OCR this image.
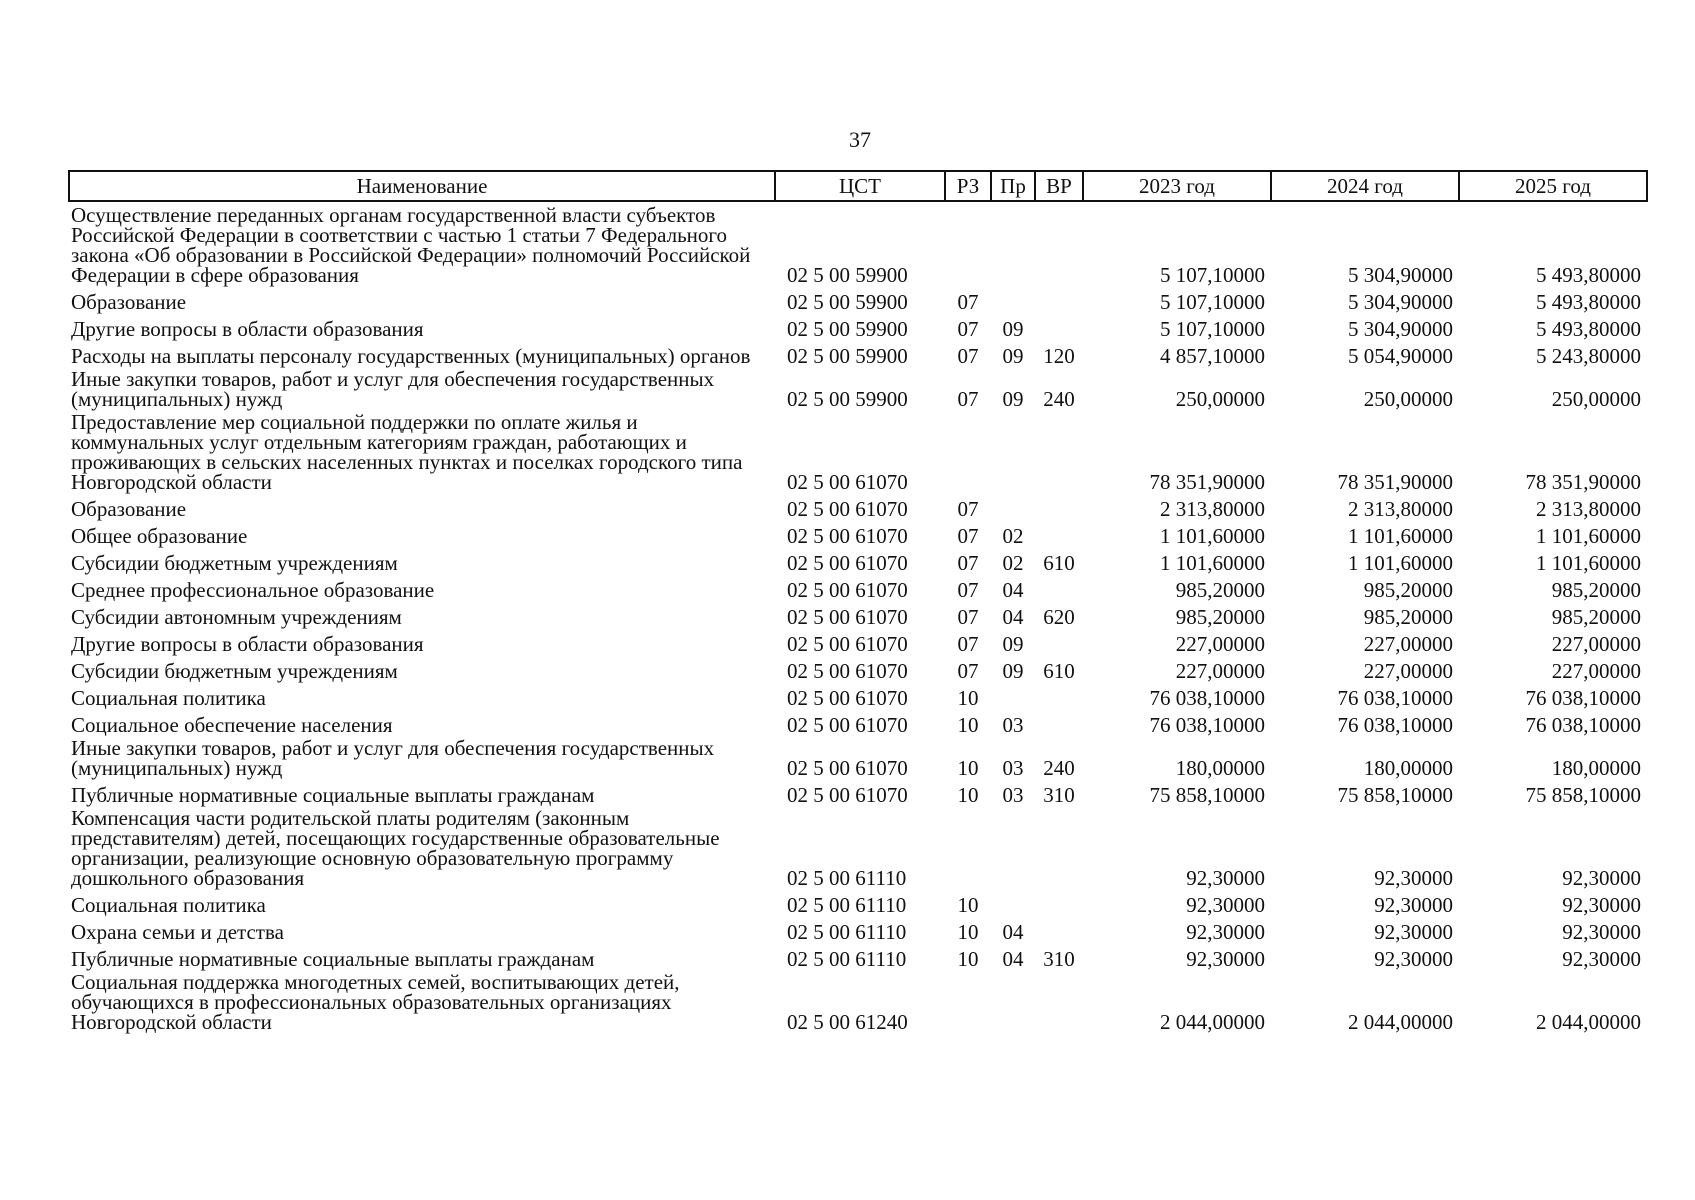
37
Наименование	ЦСТ	РЗ	Пр	ВР	2023 год	2024 год	2025 год
Осуществление переданных органам государственной власти субъектов Российской Федерации в соответствии с частью 1 статьи 7 Федерального закона «Об образовании в Российской Федерации» полномочий Российской Федерации в сфере образования	02 5 00 59900				5 107,10000	5 304,90000	5 493,80000
Образование	02 5 00 59900	07			5 107,10000	5 304,90000	5 493,80000
Другие вопросы в области образования	02 5 00 59900	07	09		5 107,10000	5 304,90000	5 493,80000
Расходы на выплаты персоналу государственных (муниципальных) органов	02 5 00 59900	07	09	120	4 857,10000	5 054,90000	5 243,80000
Иные закупки товаров, работ и услуг для обеспечения государственных (муниципальных) нужд	02 5 00 59900	07	09	240	250,00000	250,00000	250,00000
Предоставление мер социальной поддержки по оплате жилья и коммунальных услуг отдельным категориям граждан, работающих и проживающих в сельских населенных пунктах и поселках городского типа Новгородской области	02 5 00 61070				78 351,90000	78 351,90000	78 351,90000
Образование	02 5 00 61070	07			2 313,80000	2 313,80000	2 313,80000
Общее образование	02 5 00 61070	07	02		1 101,60000	1 101,60000	1 101,60000
Субсидии бюджетным учреждениям	02 5 00 61070	07	02	610	1 101,60000	1 101,60000	1 101,60000
Среднее профессиональное образование	02 5 00 61070	07	04		985,20000	985,20000	985,20000
Субсидии автономным учреждениям	02 5 00 61070	07	04	620	985,20000	985,20000	985,20000
Другие вопросы в области образования	02 5 00 61070	07	09		227,00000	227,00000	227,00000
Субсидии бюджетным учреждениям	02 5 00 61070	07	09	610	227,00000	227,00000	227,00000
Социальная политика	02 5 00 61070	10			76 038,10000	76 038,10000	76 038,10000
Социальное обеспечение населения	02 5 00 61070	10	03		76 038,10000	76 038,10000	76 038,10000
Иные закупки товаров, работ и услуг для обеспечения государственных (муниципальных) нужд	02 5 00 61070	10	03	240	180,00000	180,00000	180,00000
Публичные нормативные социальные выплаты гражданам	02 5 00 61070	10	03	310	75 858,10000	75 858,10000	75 858,10000
Компенсация части родительской платы родителям (законным представителям) детей, посещающих государственные образовательные организации, реализующие основную образовательную программу дошкольного образования	02 5 00 61110				92,30000	92,30000	92,30000
Социальная политика	02 5 00 61110	10			92,30000	92,30000	92,30000
Охрана семьи и детства	02 5 00 61110	10	04		92,30000	92,30000	92,30000
Публичные нормативные социальные выплаты гражданам	02 5 00 61110	10	04	310	92,30000	92,30000	92,30000
Социальная поддержка многодетных семей, воспитывающих детей, обучающихся в профессиональных образовательных организациях Новгородской области	02 5 00 61240				2 044,00000	2 044,00000	2 044,00000
